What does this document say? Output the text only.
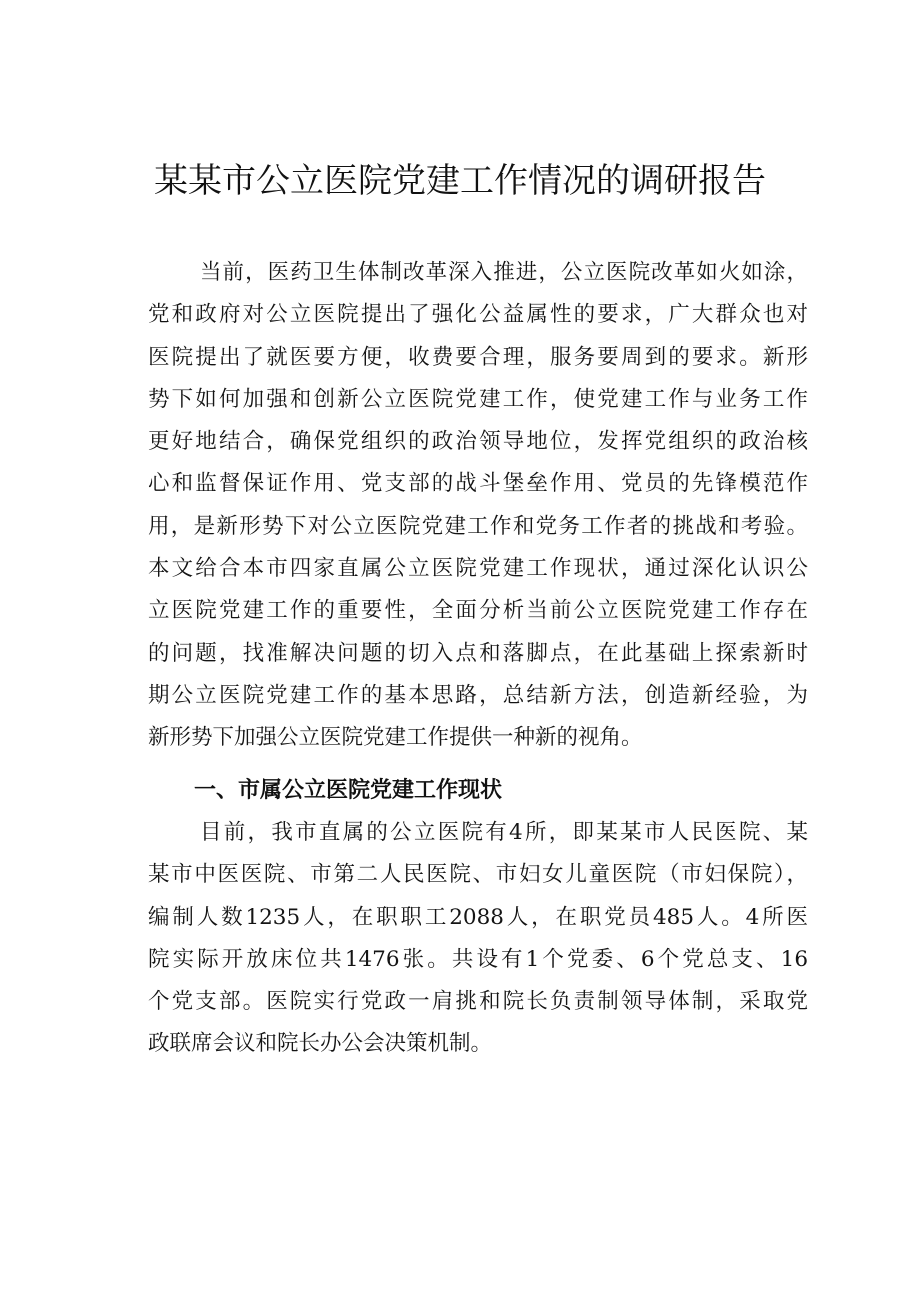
某某市公立医院党建工作情况的调研报告
当前，医药卫生体制改革深入推进，公立医院改革如火如涂，
党和政府对公立医院提出了强化公益属性的要求，广大群众也对
医院提出了就医要方便，收费要合理，服务要周到的要求。新形
势下如何加强和创新公立医院党建工作，使党建工作与业务工作
更好地结合，确保党组织的政治领导地位，发挥党组织的政治核
心和监督保证作用、党支部的战斗堡垒作用、党员的先锋模范作
用，是新形势下对公立医院党建工作和党务工作者的挑战和考验。
本文给合本市四家直属公立医院党建工作现状，通过深化认识公
立医院党建工作的重要性，全面分析当前公立医院党建工作存在
的问题，找准解决问题的切入点和落脚点，在此基础上探索新时
期公立医院党建工作的基本思路，总结新方法，创造新经验，为
新形势下加强公立医院党建工作提供一种新的视角。
一、市属公立医院党建工作现状
目前，我市直属的公立医院有4所，即某某市人民医院、某
某市中医医院、市第二人民医院、市妇女儿童医院（市妇保院），
编制人数1235人，在职职工2088人，在职党员485人。4所医
院实际开放床位共1476张。共设有1个党委、6个党总支、16
个党支部。医院实行党政一肩挑和院长负责制领导体制，采取党
政联席会议和院长办公会决策机制。
